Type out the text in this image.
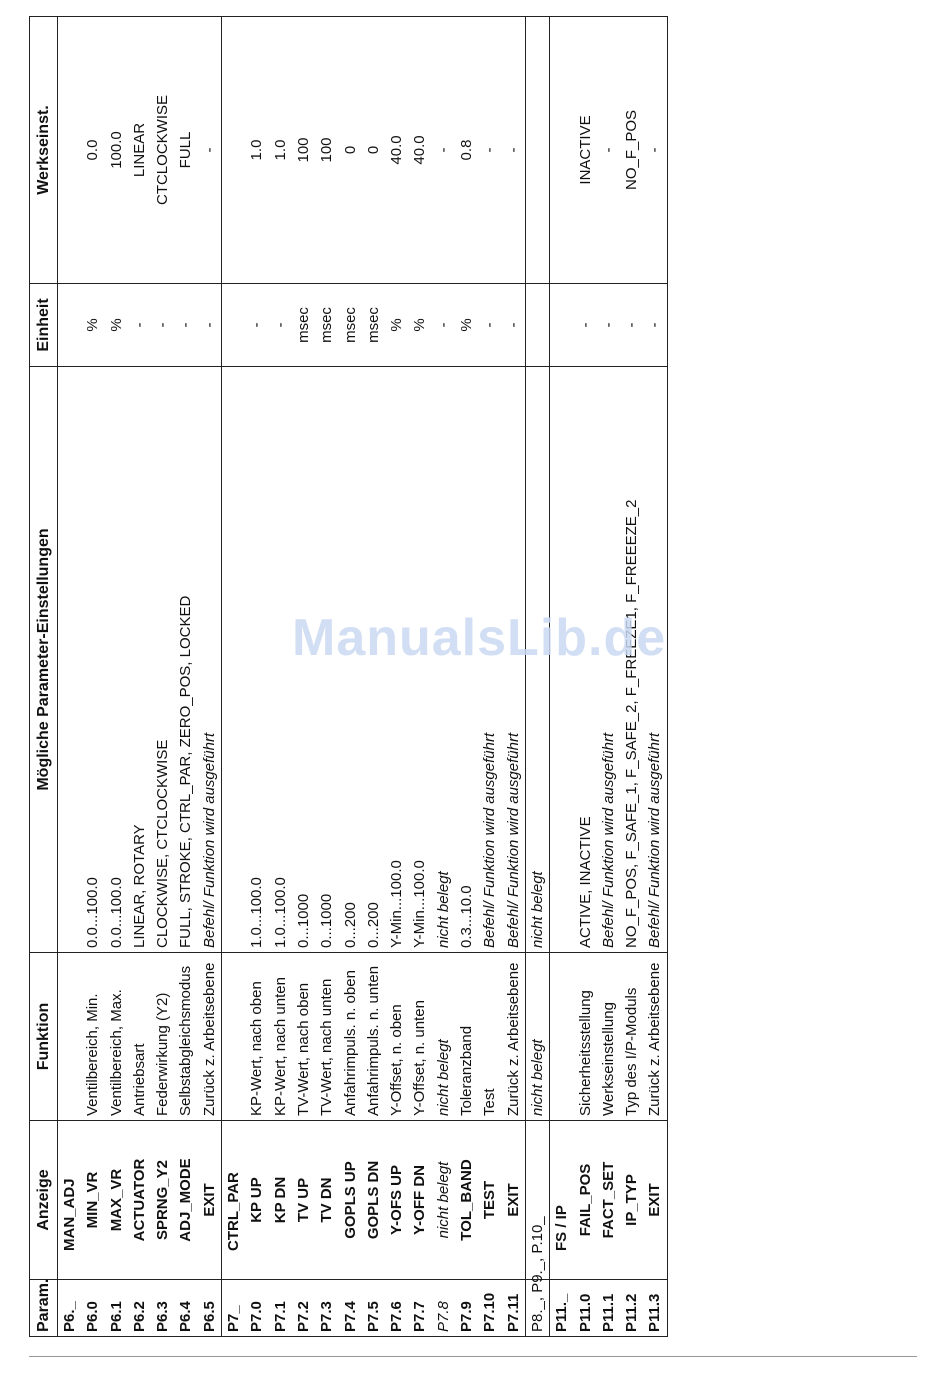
Param.	Anzeige	Funktion	Mögliche Parameter-Einstellungen	Einheit	Werkseinst.
P6._	MAN_ADJ				
P6.0	MIN_VR	Ventilbereich, Min.	0.0...100.0	%	0.0
P6.1	MAX_VR	Ventilbereich, Max.	0.0...100.0	%	100.0
P6.2	ACTUATOR	Antriebsart	LINEAR, ROTARY	-	LINEAR
P6.3	SPRNG_Y2	Federwirkung (Y2)	CLOCKWISE, CTCLOCKWISE	-	CTCLOCKWISE
P6.4	ADJ_MODE	Selbstabgleichsmodus	FULL, STROKE, CTRL_PAR, ZERO_POS, LOCKED	-	FULL
P6.5	EXIT	Zurück z. Arbeitsebene	Befehl/ Funktion wird ausgeführt	-	-
P7_	CTRL_PAR				
P7.0	KP UP	KP-Wert, nach oben	1.0...100.0	-	1.0
P7.1	KP DN	KP-Wert, nach unten	1.0...100.0	-	1.0
P7.2	TV UP	TV-Wert, nach oben	0...1000	msec	100
P7.3	TV DN	TV-Wert, nach unten	0...1000	msec	100
P7.4	GOPLS UP	Anfahrimpuls. n. oben	0...200	msec	0
P7.5	GOPLS DN	Anfahrimpuls. n. unten	0...200	msec	0
P7.6	Y-OFS UP	Y-Offset, n. oben	Y-Min...100.0	%	40.0
P7.7	Y-OFF DN	Y-Offset, n. unten	Y-Min...100.0	%	40.0
P7.8	nicht belegt	nicht belegt	nicht belegt	-	-
P7.9	TOL_BAND	Toleranzband	0.3...10.0	%	0.8
P7.10	TEST	Test	Befehl/ Funktion wird ausgeführt	-	-
P7.11	EXIT	Zurück z. Arbeitsebene	Befehl/ Funktion wird ausgeführt	-	-
P8._, P9._, P.10_		nicht belegt	nicht belegt		
P11._	FS / IP				
P11.0	FAIL_POS	Sicherheitsstellung	ACTIVE, INACTIVE	-	INACTIVE
P11.1	FACT_SET	Werkseinstellung	Befehl/ Funktion wird ausgeführt	-	-
P11.2	IP_TYP	Typ des I/P-Moduls	NO_F_POS, F_SAFE_1, F_SAFE_2, F_FREEZE1, F_FREEEZE_2	-	NO_F_POS
P11.3	EXIT	Zurück z. Arbeitsebene	Befehl/ Funktion wird ausgeführt	-	-
ManualsLib.de
